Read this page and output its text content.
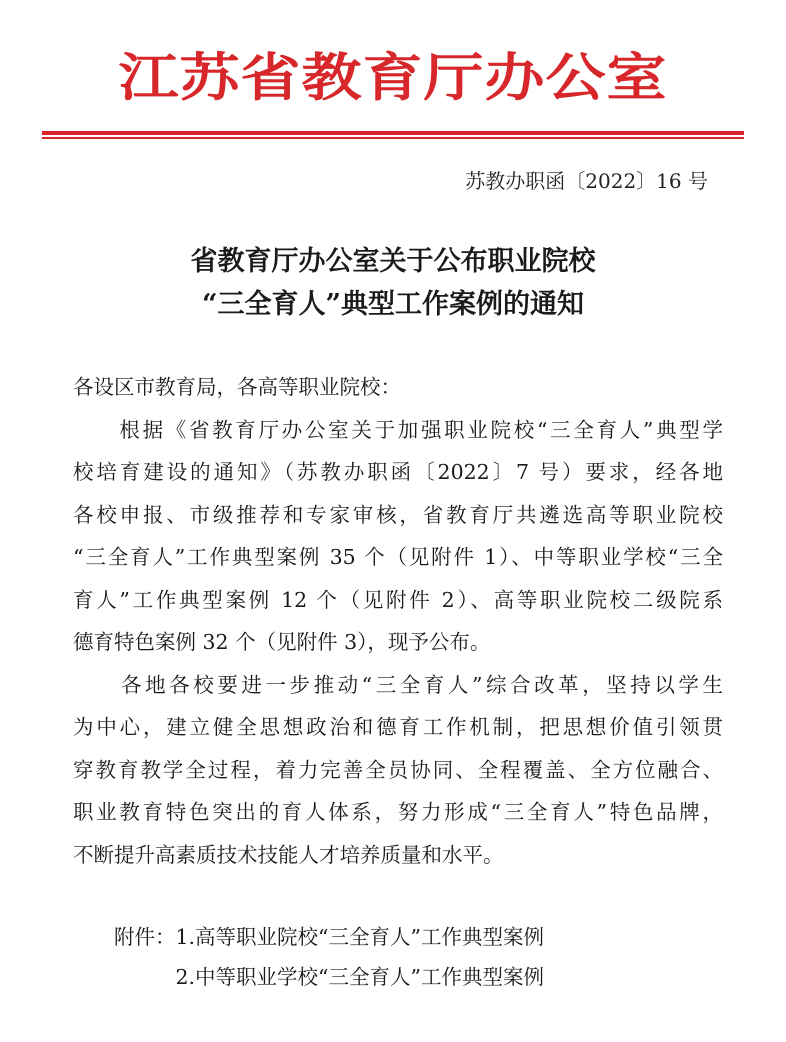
江苏省教育厅办公室
苏教办职函〔2022〕16 号
省教育厅办公室关于公布职业院校
“三全育人”典型工作案例的通知
各设区市教育局，各高等职业院校：
　　根据《省教育厅办公室关于加强职业院校“三全育人”典型学
校培育建设的通知》（苏教办职函〔2022〕7 号）要求，经各地
各校申报、市级推荐和专家审核，省教育厅共遴选高等职业院校
“三全育人”工作典型案例 35 个（见附件 1）、中等职业学校“三全
育人”工作典型案例 12 个（见附件 2）、高等职业院校二级院系
德育特色案例 32 个（见附件 3），现予公布。
　　各地各校要进一步推动“三全育人”综合改革，坚持以学生
为中心，建立健全思想政治和德育工作机制，把思想价值引领贯
穿教育教学全过程，着力完善全员协同、全程覆盖、全方位融合、
职业教育特色突出的育人体系，努力形成“三全育人”特色品牌，
不断提升高素质技术技能人才培养质量和水平。
　　附件：1.高等职业院校“三全育人”工作典型案例
　　　　　2.中等职业学校“三全育人”工作典型案例
